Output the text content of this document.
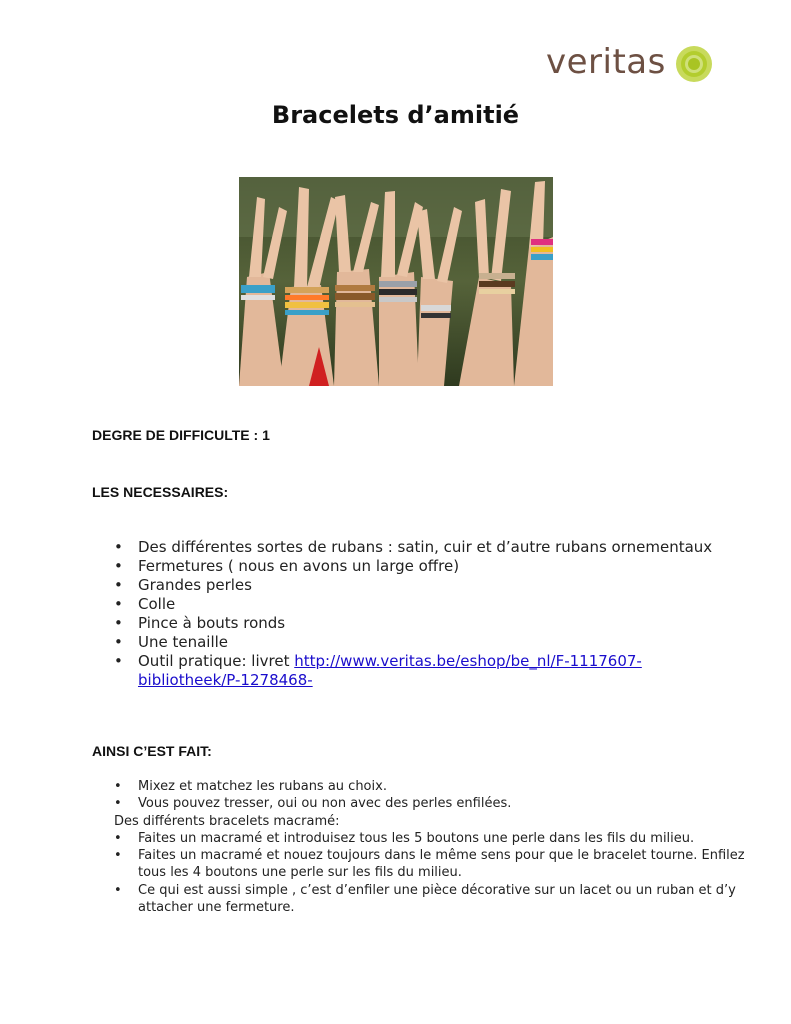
veritas
Bracelets d’amitié
DEGRE DE DIFFICULTE : 1
LES NECESSAIRES:
• Des différentes sortes de rubans : satin, cuir et d’autre rubans ornementaux
• Fermetures ( nous en avons un large offre)
• Grandes perles
• Colle
• Pince à bouts ronds
• Une tenaille
• Outil pratique: livret http://www.veritas.be/eshop/be_nl/F-1117607-
bibliotheek/P-1278468-
AINSI C’EST FAIT:
• Mixez et matchez les rubans au choix.
• Vous pouvez tresser, oui ou non avec des perles enfilées.
Des différents bracelets macramé:
• Faites un macramé et introduisez tous les 5 boutons une perle dans les fils du milieu.
• Faites un macramé et nouez toujours dans le même sens pour que le bracelet tourne. Enfilez tous les 4 boutons une perle sur les fils du milieu.
• Ce qui est aussi simple , c’est d’enfiler une pièce décorative sur un lacet ou un ruban et d’y attacher une fermeture.
